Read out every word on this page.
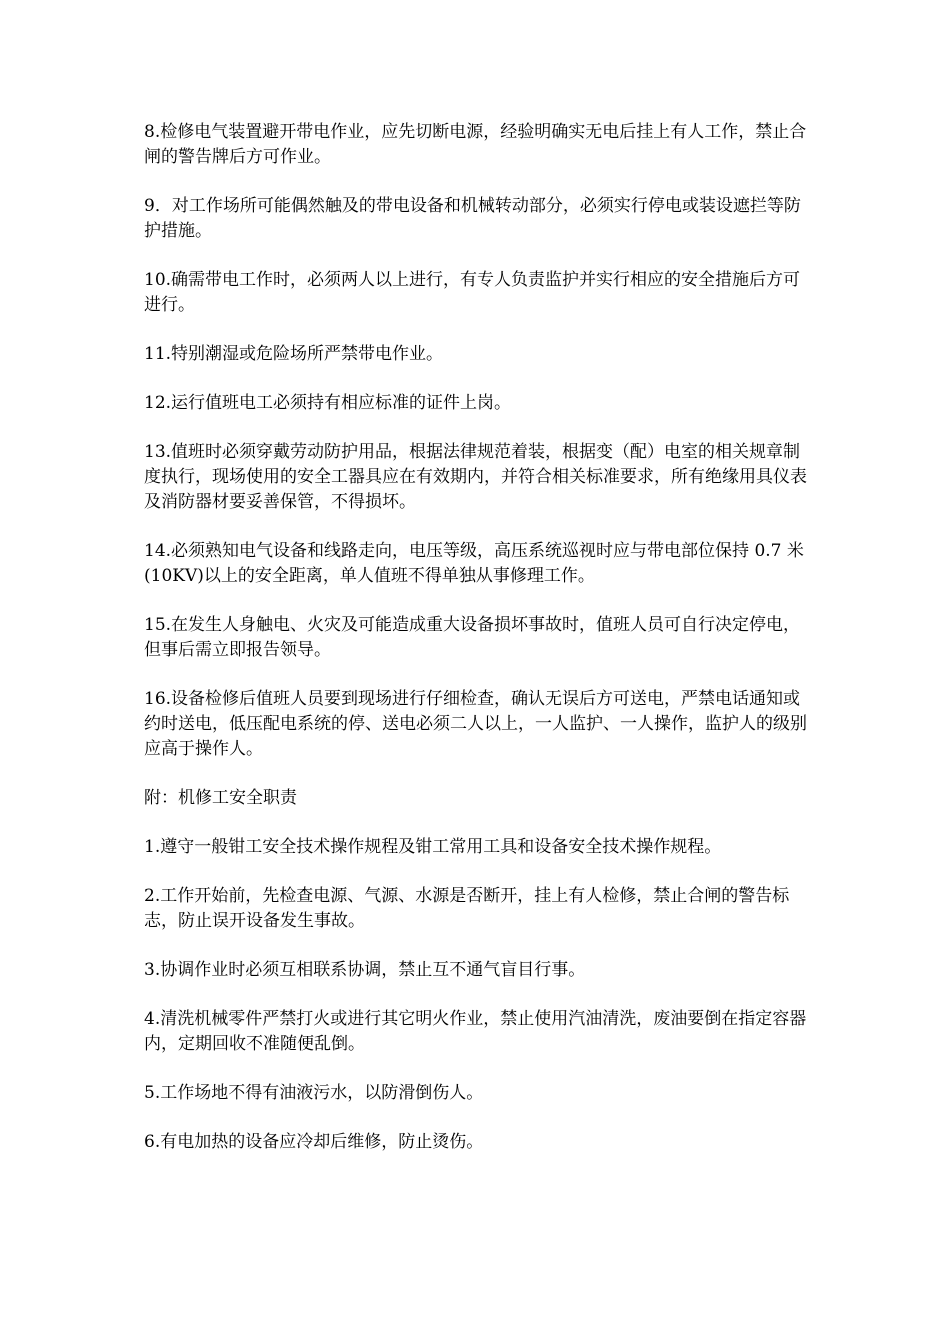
8.检修电气装置避开带电作业，应先切断电源，经验明确实无电后挂上有人工作，禁止合闸的警告牌后方可作业。

9．对工作场所可能偶然触及的带电设备和机械转动部分，必须实行停电或装设遮拦等防护措施。

10.确需带电工作时，必须两人以上进行，有专人负责监护并实行相应的安全措施后方可进行。

11.特别潮湿或危险场所严禁带电作业。

12.运行值班电工必须持有相应标准的证件上岗。

13.值班时必须穿戴劳动防护用品，根据法律规范着装，根据变（配）电室的相关规章制度执行，现场使用的安全工器具应在有效期内，并符合相关标准要求，所有绝缘用具仪表及消防器材要妥善保管，不得损坏。

14.必须熟知电气设备和线路走向，电压等级，高压系统巡视时应与带电部位保持 0.7 米(10KV)以上的安全距离，单人值班不得单独从事修理工作。

15.在发生人身触电、火灾及可能造成重大设备损坏事故时，值班人员可自行决定停电，但事后需立即报告领导。

16.设备检修后值班人员要到现场进行仔细检查，确认无误后方可送电，严禁电话通知或约时送电，低压配电系统的停、送电必须二人以上，一人监护、一人操作，监护人的级别应高于操作人。

附：机修工安全职责

1.遵守一般钳工安全技术操作规程及钳工常用工具和设备安全技术操作规程。

2.工作开始前，先检查电源、气源、水源是否断开，挂上有人检修，禁止合闸的警告标志，防止误开设备发生事故。

3.协调作业时必须互相联系协调，禁止互不通气盲目行事。

4.清洗机械零件严禁打火或进行其它明火作业，禁止使用汽油清洗，废油要倒在指定容器内，定期回收不准随便乱倒。

5.工作场地不得有油液污水，以防滑倒伤人。

6.有电加热的设备应冷却后维修，防止烫伤。
